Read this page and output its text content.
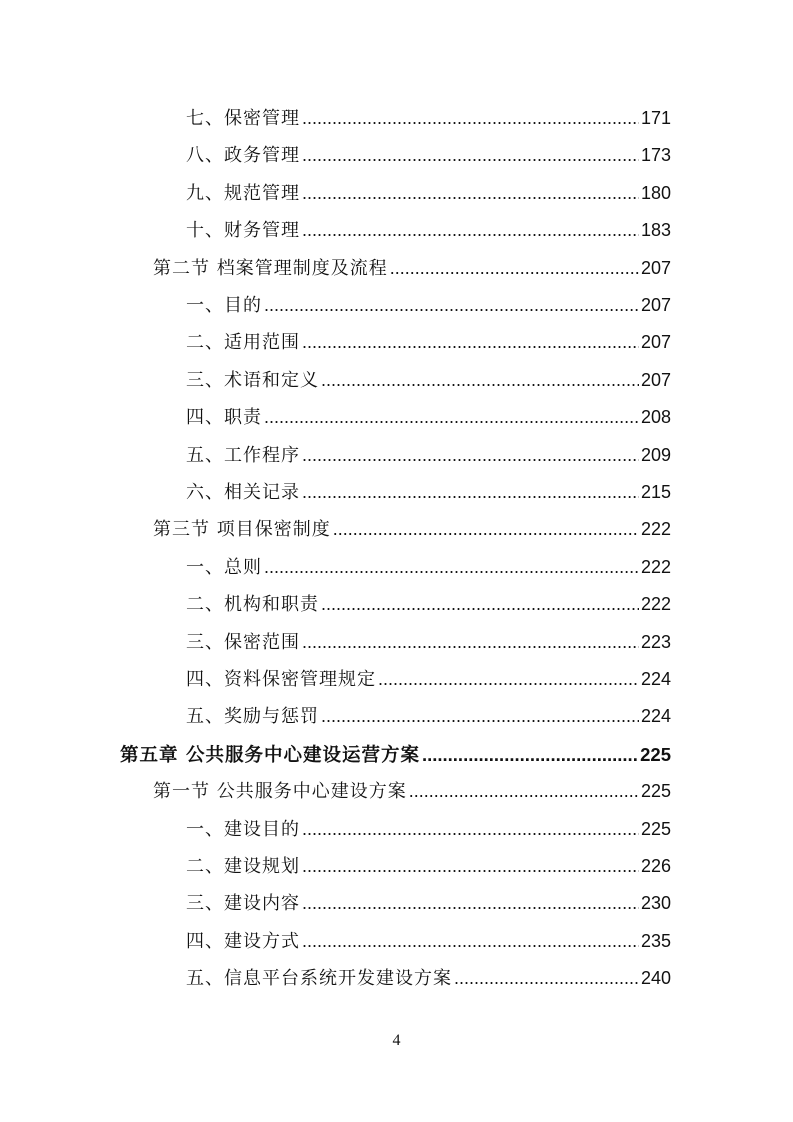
七、保密管理 .....	171
八、政务管理 .....	173
九、规范管理 .....	180
十、财务管理 .....	183
第二节 档案管理制度及流程 .....	207
一、目的 .....	207
二、适用范围 .....	207
三、术语和定义 .....	207
四、职责 .....	208
五、工作程序 .....	209
六、相关记录 .....	215
第三节 项目保密制度 .....	222
一、总则 .....	222
二、机构和职责 .....	222
三、保密范围 .....	223
四、资料保密管理规定 .....	224
五、奖励与惩罚 .....	224
第五章 公共服务中心建设运营方案 .....	225
第一节 公共服务中心建设方案 .....	225
一、建设目的 .....	225
二、建设规划 .....	226
三、建设内容 .....	230
四、建设方式 .....	235
五、信息平台系统开发建设方案 .....	240
4
